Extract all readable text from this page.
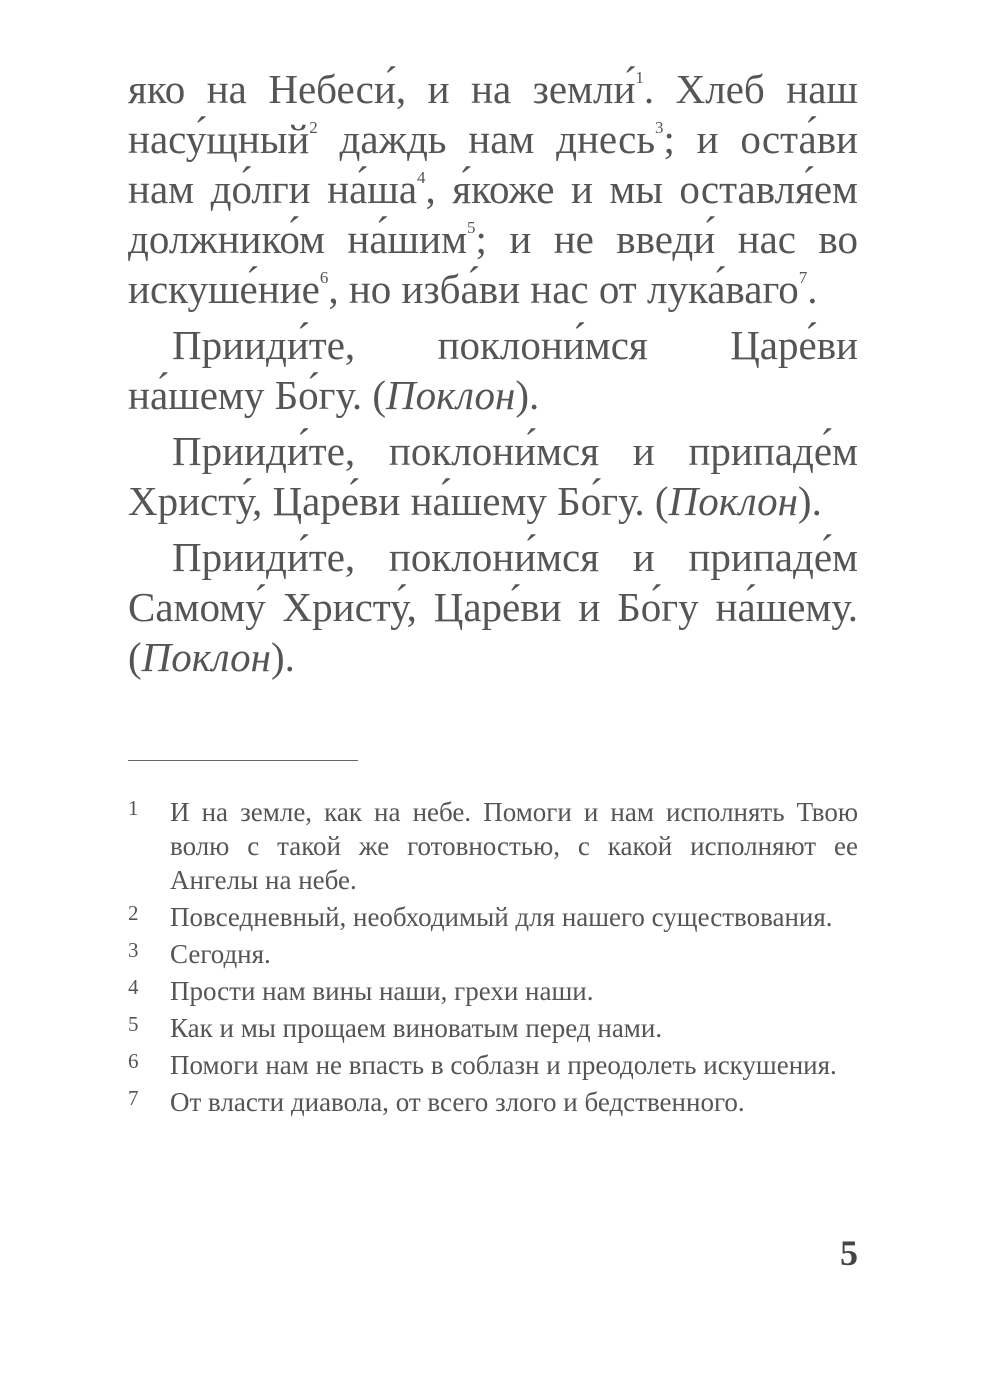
яко на Небеси́, и на земли́$^1$. Хлеб наш насу́щный$^2$ даждь нам днесь$^3$; и оста́ви нам до́лги $на́ша^4$, я́коже и мы оставля́ем должнико́м на́шим$^5$; и не введи́ нас во искуше́ние$^6$, но изба́ви нас от лука́ваго$^7$.

Прииди́те, поклони́мся Царе́ви на́шему Бо́гу. (Поклон).

Прииди́те, поклони́мся и припаде́м Христу́, Царе́ви на́шему Бо́гу. (Поклон).

Прииди́те, поклони́мся и припаде́м Самому́ Христу́, Царе́ви и Бо́гу на́шему. (Поклон).

1 И на земле, как на небе. Помоги и нам исполнять Твою волю с такой же готовностью, с какой исполняют ее Ангелы на небе.
2 Повседневный, необходимый для нашего существования.
3 Сегодня.
4 Прости нам вины наши, грехи наши.
5 Как и мы прощаем виноватым перед нами.
6 Помоги нам не впасть в соблазн и преодолеть искушения.
7 От власти диавола, от всего злого и бедственного.
5
